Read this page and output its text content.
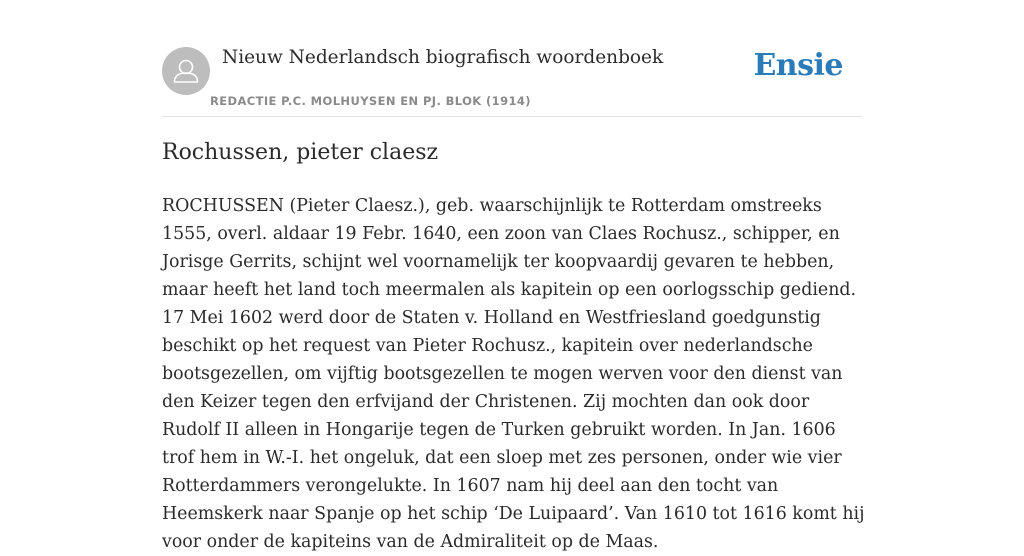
Nieuw Nederlandsch biografisch woordenboek
REDACTIE P.C. MOLHUYSEN EN PJ. BLOK (1914)
Ensie
Rochussen, pieter claesz

ROCHUSSEN (Pieter Claesz.), geb. waarschijnlijk te Rotterdam omstreeks 1555, overl. aldaar 19 Febr. 1640, een zoon van Claes Rochusz., schipper, en Jorisge Gerrits, schijnt wel voornamelijk ter koopvaardij gevaren te hebben, maar heeft het land toch meermalen als kapitein op een oorlogsschip gediend. 17 Mei 1602 werd door de Staten v. Holland en Westfriesland goedgunstig beschikt op het request van Pieter Rochusz., kapitein over nederlandsche bootsgezellen, om vijftig bootsgezellen te mogen werven voor den dienst van den Keizer tegen den erfvijand der Christenen. Zij mochten dan ook door Rudolf II alleen in Hongarije tegen de Turken gebruikt worden. In Jan. 1606 trof hem in W.-I. het ongeluk, dat een sloep met zes personen, onder wie vier Rotterdammers verongelukte. In 1607 nam hij deel aan den tocht van Heemskerk naar Spanje op het schip ‘De Luipaard’. Van 1610 tot 1616 komt hij voor onder de kapiteins van de Admiraliteit op de Maas.
